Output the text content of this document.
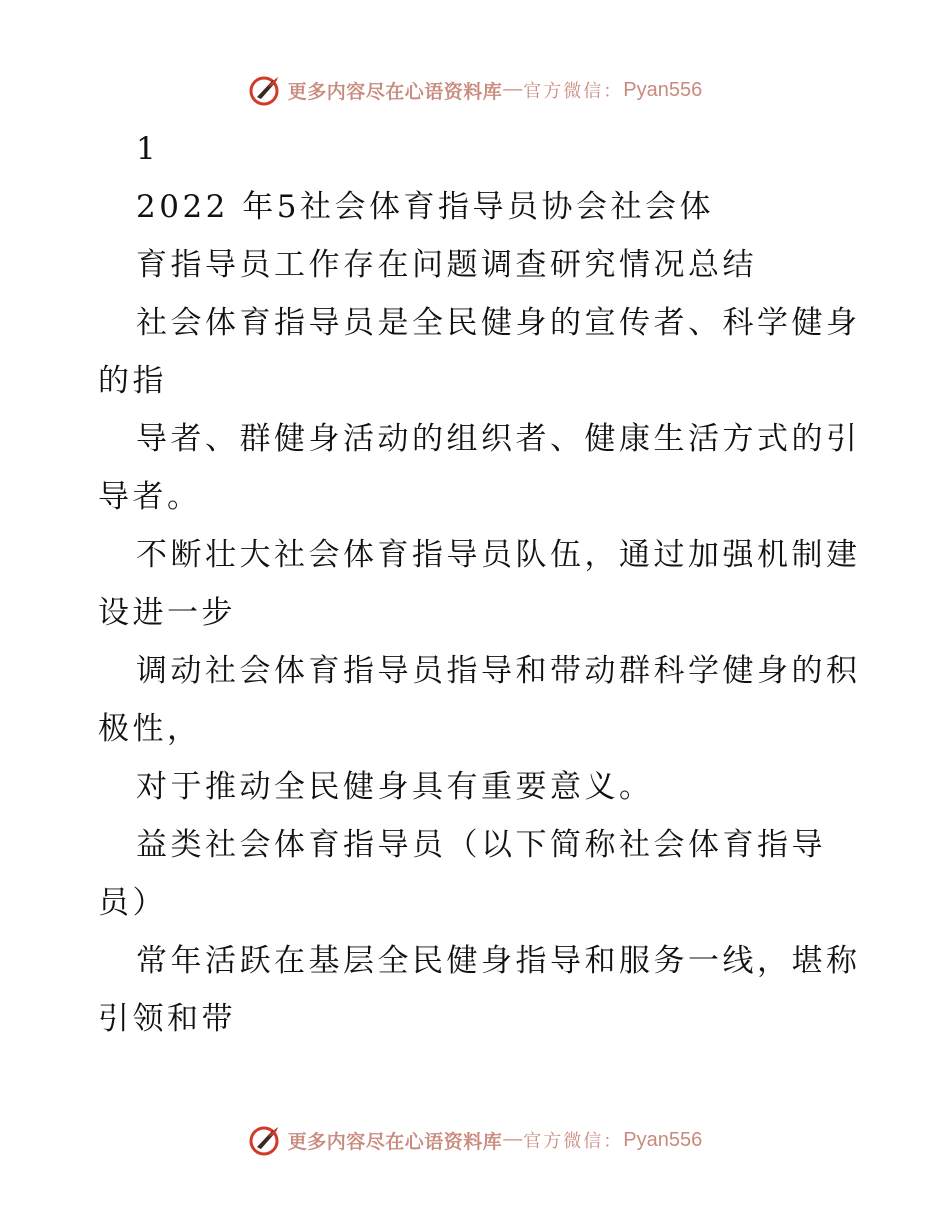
更多内容尽在心语资料库 — 官方微信： Pyan556
1
2022 年5社会体育指导员协会社会体
育指导员工作存在问题调查研究情况总结
社会体育指导员是全民健身的宣传者、科学健身
的指
导者、群健身活动的组织者、健康生活方式的引
导者。
不断壮大社会体育指导员队伍，通过加强机制建
设进一步
调动社会体育指导员指导和带动群科学健身的积
极性，
对于推动全民健身具有重要意义。
益类社会体育指导员（以下简称社会体育指导
员）
常年活跃在基层全民健身指导和服务一线，堪称
引领和带
更多内容尽在心语资料库 — 官方微信： Pyan556
